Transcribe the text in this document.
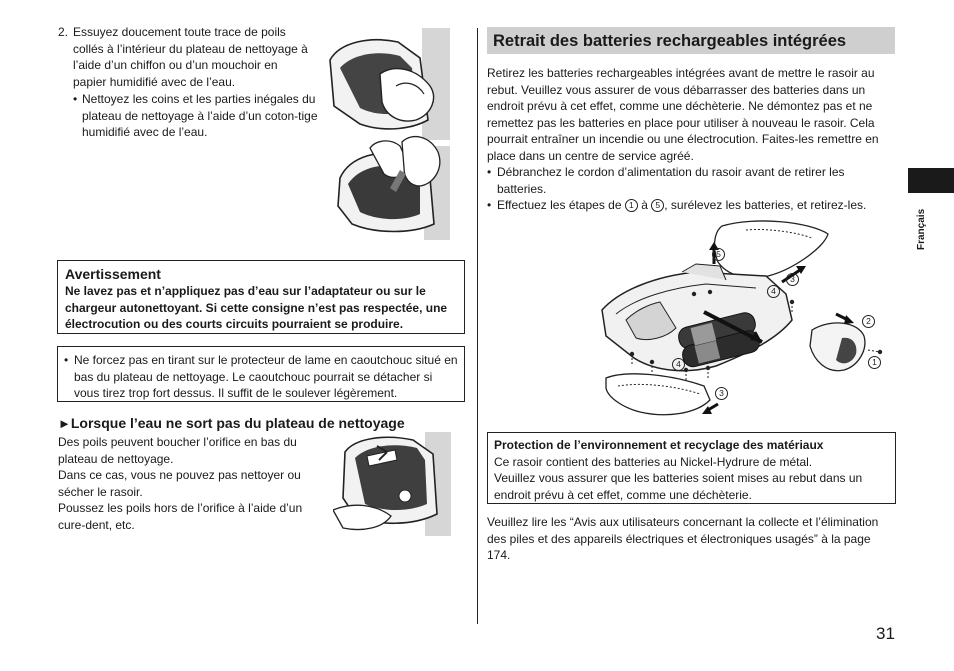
2. Essuyez doucement toute trace de poils collés à l’intérieur du plateau de nettoyage à l’aide d’un chiffon ou d’un mouchoir en papier humidifié avec de l’eau.
• Nettoyez les coins et les parties inégales du plateau de nettoyage à l’aide d’un coton-tige humidifié avec de l’eau.
Avertissement
Ne lavez pas et n’appliquez pas d’eau sur l’adaptateur ou sur le chargeur autonettoyant. Si cette consigne n’est pas respectée, une électrocution ou des courts circuits pourraient se produire.
• Ne forcez pas en tirant sur le protecteur de lame en caoutchouc situé en bas du plateau de nettoyage. Le caoutchouc pourrait se détacher si vous tirez trop fort dessus. Il suffit de le soulever légèrement.
►Lorsque l’eau ne sort pas du plateau de nettoyage
Des poils peuvent boucher l’orifice en bas du plateau de nettoyage.
Dans ce cas, vous ne pouvez pas nettoyer ou sécher le rasoir.
Poussez les poils hors de l’orifice à l’aide d’un cure-dent, etc.
Retrait des batteries rechargeables intégrées
Retirez les batteries rechargeables intégrées avant de mettre le rasoir au rebut. Veuillez vous assurer de vous débarrasser des batteries dans un endroit prévu à cet effet, comme une déchèterie. Ne démontez pas et ne remettez pas les batteries en place pour utiliser à nouveau le rasoir. Cela pourrait entraîner un incendie ou une électrocution. Faites-les remettre en place dans un centre de service agréé.
• Débranchez le cordon d’alimentation du rasoir avant de retirer les batteries.
• Effectuez les étapes de 1 à 5 , surélevez les batteries, et retirez-les.
5
4
3
2
1
4
3
Protection de l’environnement et recyclage des matériaux
Ce rasoir contient des batteries au Nickel-Hydrure de métal.
Veuillez vous assurer que les batteries soient mises au rebut dans un endroit prévu à cet effet, comme une déchèterie.
Veuillez lire les “Avis aux utilisateurs concernant la collecte et l’élimination des piles et des appareils électriques et électroniques usagés” à la page 174.
Français
31
